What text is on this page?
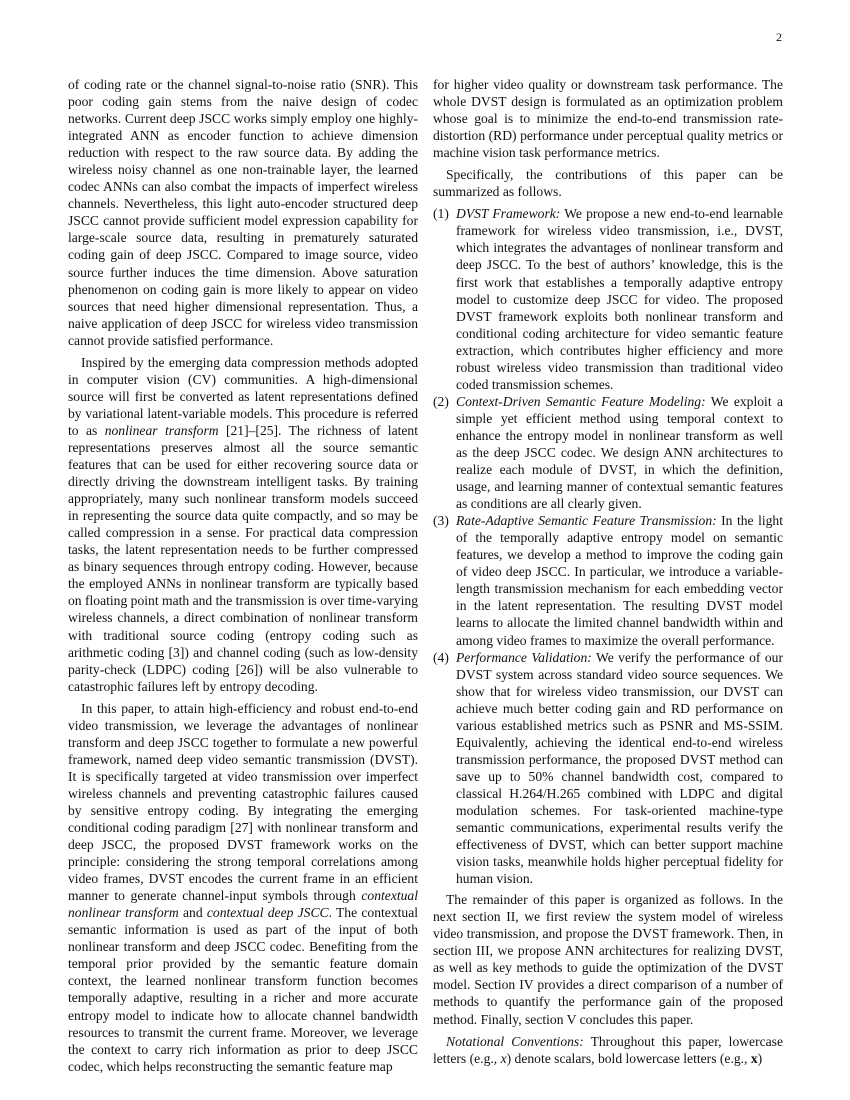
2

of coding rate or the channel signal-to-noise ratio (SNR). This poor coding gain stems from the naive design of codec networks. Current deep JSCC works simply employ one highly-integrated ANN as encoder function to achieve dimension reduction with respect to the raw source data. By adding the wireless noisy channel as one non-trainable layer, the learned codec ANNs can also combat the impacts of imperfect wireless channels. Nevertheless, this light auto-encoder structured deep JSCC cannot provide sufficient model expression capability for large-scale source data, resulting in prematurely saturated coding gain of deep JSCC. Compared to image source, video source further induces the time dimension. Above saturation phenomenon on coding gain is more likely to appear on video sources that need higher dimensional representation. Thus, a naive application of deep JSCC for wireless video transmission cannot provide satisfied performance.

Inspired by the emerging data compression methods adopted in computer vision (CV) communities. A high-dimensional source will first be converted as latent representations defined by variational latent-variable models. This procedure is referred to as nonlinear transform [21]–[25]. The richness of latent representations preserves almost all the source semantic features that can be used for either recovering source data or directly driving the downstream intelligent tasks. By training appropriately, many such nonlinear transform models succeed in representing the source data quite compactly, and so may be called compression in a sense. For practical data compression tasks, the latent representation needs to be further compressed as binary sequences through entropy coding. However, because the employed ANNs in nonlinear transform are typically based on floating point math and the transmission is over time-varying wireless channels, a direct combination of nonlinear transform with traditional source coding (entropy coding such as arithmetic coding [3]) and channel coding (such as low-density parity-check (LDPC) coding [26]) will be also vulnerable to catastrophic failures left by entropy decoding.

In this paper, to attain high-efficiency and robust end-to-end video transmission, we leverage the advantages of nonlinear transform and deep JSCC together to formulate a new powerful framework, named deep video semantic transmission (DVST). It is specifically targeted at video transmission over imperfect wireless channels and preventing catastrophic failures caused by sensitive entropy coding. By integrating the emerging conditional coding paradigm [27] with nonlinear transform and deep JSCC, the proposed DVST framework works on the principle: considering the strong temporal correlations among video frames, DVST encodes the current frame in an efficient manner to generate channel-input symbols through contextual nonlinear transform and contextual deep JSCC. The contextual semantic information is used as part of the input of both nonlinear transform and deep JSCC codec. Benefiting from the temporal prior provided by the semantic feature domain context, the learned nonlinear transform function becomes temporally adaptive, resulting in a richer and more accurate entropy model to indicate how to allocate channel bandwidth resources to transmit the current frame. Moreover, we leverage the context to carry rich information as prior to deep JSCC codec, which helps reconstructing the semantic feature map

for higher video quality or downstream task performance. The whole DVST design is formulated as an optimization problem whose goal is to minimize the end-to-end transmission rate-distortion (RD) performance under perceptual quality metrics or machine vision task performance metrics.

Specifically, the contributions of this paper can be summarized as follows.

(1) DVST Framework: We propose a new end-to-end learnable framework for wireless video transmission, i.e., DVST, which integrates the advantages of nonlinear transform and deep JSCC. To the best of authors’ knowledge, this is the first work that establishes a temporally adaptive entropy model to customize deep JSCC for video. The proposed DVST framework exploits both nonlinear transform and conditional coding architecture for video semantic feature extraction, which contributes higher efficiency and more robust wireless video transmission than traditional video coded transmission schemes.
(2) Context-Driven Semantic Feature Modeling: We exploit a simple yet efficient method using temporal context to enhance the entropy model in nonlinear transform as well as the deep JSCC codec. We design ANN architectures to realize each module of DVST, in which the definition, usage, and learning manner of contextual semantic features as conditions are all clearly given.
(3) Rate-Adaptive Semantic Feature Transmission: In the light of the temporally adaptive entropy model on semantic features, we develop a method to improve the coding gain of video deep JSCC. In particular, we introduce a variable-length transmission mechanism for each embedding vector in the latent representation. The resulting DVST model learns to allocate the limited channel bandwidth within and among video frames to maximize the overall performance.
(4) Performance Validation: We verify the performance of our DVST system across standard video source sequences. We show that for wireless video transmission, our DVST can achieve much better coding gain and RD performance on various established metrics such as PSNR and MS-SSIM. Equivalently, achieving the identical end-to-end wireless transmission performance, the proposed DVST method can save up to 50% channel bandwidth cost, compared to classical H.264/H.265 combined with LDPC and digital modulation schemes. For task-oriented machine-type semantic communications, experimental results verify the effectiveness of DVST, which can better support machine vision tasks, meanwhile holds higher perceptual fidelity for human vision.

The remainder of this paper is organized as follows. In the next section II, we first review the system model of wireless video transmission, and propose the DVST framework. Then, in section III, we propose ANN architectures for realizing DVST, as well as key methods to guide the optimization of the DVST model. Section IV provides a direct comparison of a number of methods to quantify the performance gain of the proposed method. Finally, section V concludes this paper.

Notational Conventions: Throughout this paper, lowercase letters (e.g., x) denote scalars, bold lowercase letters (e.g., x)
